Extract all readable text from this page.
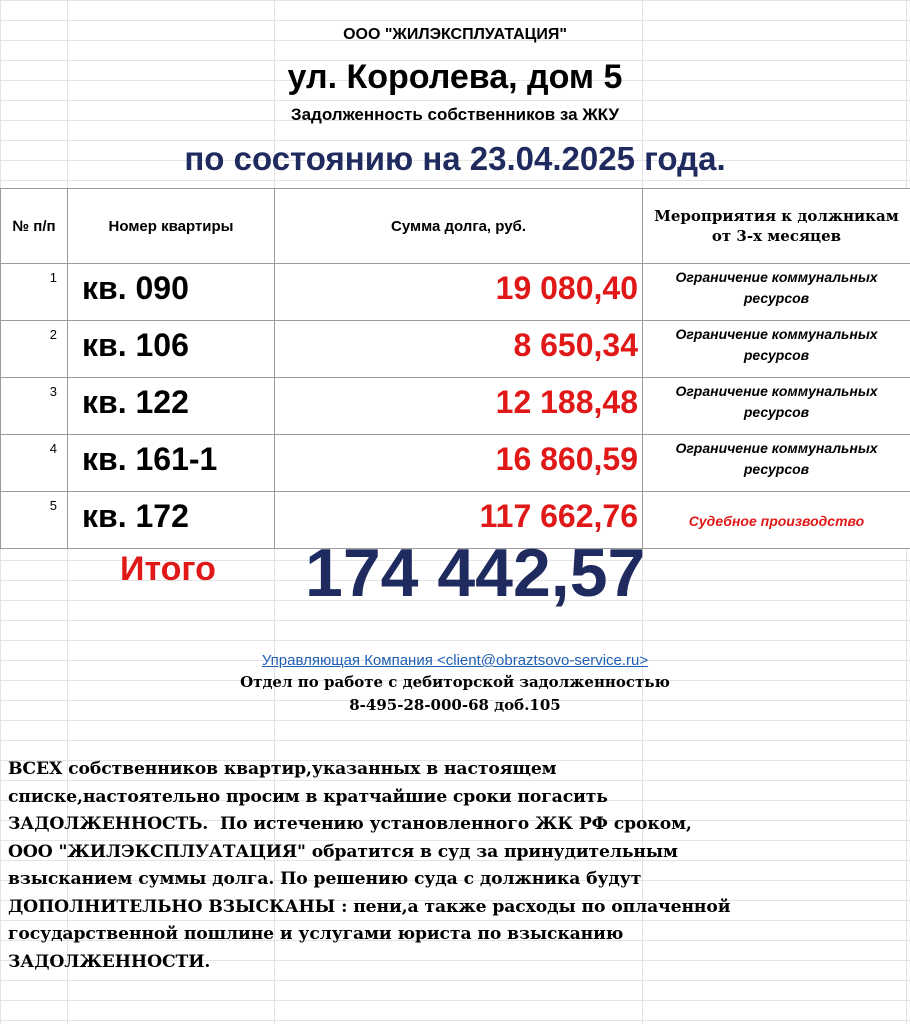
ООО "ЖИЛЭКСПЛУАТАЦИЯ"
ул. Королева, дом 5
Задолженность собственников за ЖКУ
по состоянию на 23.04.2025 года.
№ п/п	Номер квартиры	Сумма долга, руб.	Мероприятия к должникам от 3-х месяцев
1	кв. 090	19 080,40	Ограничение коммунальных ресурсов
2	кв. 106	8 650,34	Ограничение коммунальных ресурсов
3	кв. 122	12 188,48	Ограничение коммунальных ресурсов
4	кв. 161-1	16 860,59	Ограничение коммунальных ресурсов
5	кв. 172	117 662,76	Судебное производство
Итого 174 442,57
Управляющая Компания <client@obraztsovo-service.ru>
Отдел по работе с дебиторской задолженностью
8-495-28-000-68 доб.105
ВСЕХ собственников квартир,указанных в настоящем
списке,настоятельно просим в кратчайшие сроки погасить
ЗАДОЛЖЕННОСТЬ.  По истечению установленного ЖК РФ сроком,
ООО "ЖИЛЭКСПЛУАТАЦИЯ" обратится в суд за принудительным
взысканием суммы долга. По решению суда с должника будут
ДОПОЛНИТЕЛЬНО ВЗЫСКАНЫ : пени,а также расходы по оплаченной
государственной пошлине и услугами юриста по взысканию
ЗАДОЛЖЕННОСТИ.
